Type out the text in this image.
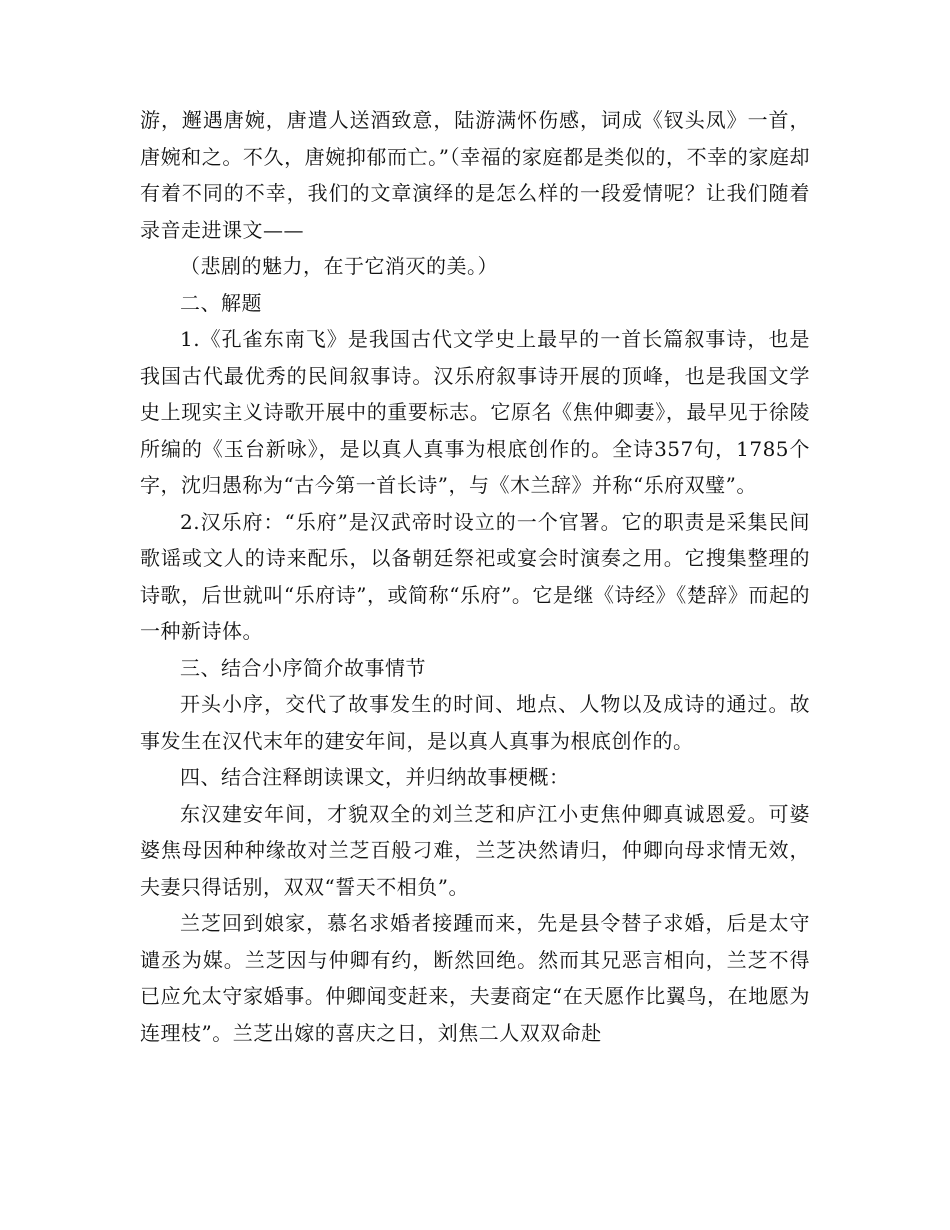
游，邂遇唐婉，唐遣人送酒致意，陆游满怀伤感，词成《钗头凤》一首，唐婉和之。不久，唐婉抑郁而亡。”（幸福的家庭都是类似的，不幸的家庭却有着不同的不幸，我们的文章演绎的是怎么样的一段爱情呢？让我们随着录音走进课文——

（悲剧的魅力，在于它消灭的美。）

二、解题

1.《孔雀东南飞》是我国古代文学史上最早的一首长篇叙事诗，也是我国古代最优秀的民间叙事诗。汉乐府叙事诗开展的顶峰，也是我国文学史上现实主义诗歌开展中的重要标志。它原名《焦仲卿妻》，最早见于徐陵所编的《玉台新咏》，是以真人真事为根底创作的。全诗357句，1785个字，沈归愚称为“古今第一首长诗”，与《木兰辞》并称“乐府双璧”。

2.汉乐府：“乐府”是汉武帝时设立的一个官署。它的职责是采集民间歌谣或文人的诗来配乐，以备朝廷祭祀或宴会时演奏之用。它搜集整理的诗歌，后世就叫“乐府诗”，或简称“乐府”。它是继《诗经》《楚辞》而起的一种新诗体。

三、结合小序简介故事情节

开头小序，交代了故事发生的时间、地点、人物以及成诗的通过。故事发生在汉代末年的建安年间，是以真人真事为根底创作的。

四、结合注释朗读课文，并归纳故事梗概：

东汉建安年间，才貌双全的刘兰芝和庐江小吏焦仲卿真诚恩爱。可婆婆焦母因种种缘故对兰芝百般刁难，兰芝决然请归，仲卿向母求情无效，夫妻只得话别，双双“誓天不相负”。

兰芝回到娘家，慕名求婚者接踵而来，先是县令替子求婚，后是太守谴丞为媒。兰芝因与仲卿有约，断然回绝。然而其兄恶言相向，兰芝不得已应允太守家婚事。仲卿闻变赶来，夫妻商定“在天愿作比翼鸟，在地愿为连理枝”。兰芝出嫁的喜庆之日，刘焦二人双双命赴
